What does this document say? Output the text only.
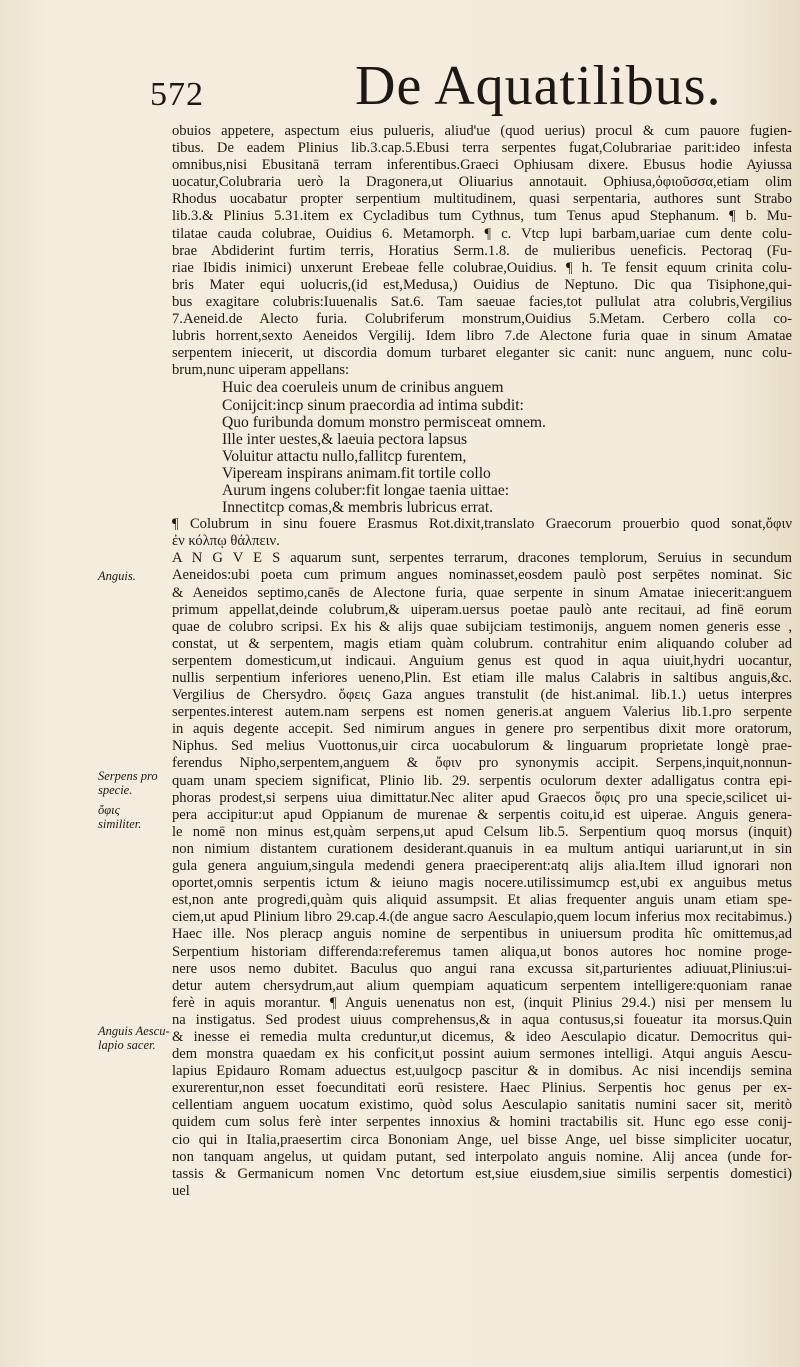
572	De Aquatilibus.
obuios appetere, aspectum eius pulueris, aliud'ue (quod uerius) procul & cum pauore fugien-
tibus. De eadem Plinius lib.3.cap.5.Ebusi terra serpentes fugat,Colubrariae parit:ideo infesta
omnibus,nisi Ebusitanā terram inferentibus.Graeci Ophiusam dixere. Ebusus hodie Ayiussa
uocatur,Colubraria uerò la Dragonera,ut Oliuarius annotauit. Ophiusa,ὀφιοῦσσα,etiam olim
Rhodus uocabatur propter serpentium multitudinem, quasi serpentaria, authores sunt Strabo
lib.3.& Plinius 5.31.item ex Cycladibus tum Cythnus, tum Tenus apud Stephanum. ¶ b. Mu-
tilatae cauda colubrae, Ouidius 6. Metamorph. ¶ c. Vtcp lupi barbam,uariae cum dente colu-
brae Abdiderint furtim terris, Horatius Serm.1.8. de mulieribus ueneficis. Pectoraq (Fu-
riae Ibidis inimici) unxerunt Erebeae felle colubrae,Ouidius. ¶ h. Te fensit equum crinita colu-
bris Mater equi uolucris,(id est,Medusa,) Ouidius de Neptuno. Dic qua Tisiphone,qui-
bus exagitare colubris:Iuuenalis Sat.6. Tam saeuae facies,tot pullulat atra colubris,Vergilius
7.Aeneid.de Alecto furia. Colubriferum monstrum,Ouidius 5.Metam. Cerbero colla co-
lubris horrent,sexto Aeneidos Vergilij. Idem libro 7.de Alectone furia quae in sinum Amatae
serpentem iniecerit, ut discordia domum turbaret eleganter sic canit: nunc anguem, nunc colu-
brum,nunc uiperam appellans:
Huic dea coeruleis unum de crinibus anguem
Conijcit:incp sinum praecordia ad intima subdit:
Quo furibunda domum monstro permisceat omnem.
Ille inter uestes,& laeuia pectora lapsus
Voluitur attactu nullo,fallitcp furentem,
Vipeream inspirans animam.fit tortile collo
Aurum ingens coluber:fit longae taenia uittae:
Innectitcp comas,& membris lubricus errat.
¶ Colubrum in sinu fouere Erasmus Rot.dixit,translato Graecorum prouerbio quod sonat,ὄφιν
ἐν κόλπῳ θάλπειν.
A N G V E S aquarum sunt, serpentes terrarum, dracones templorum, Seruius in secundum
Aeneidos:ubi poeta cum primum angues nominasset,eosdem paulò post serpētes nominat. Sic
& Aeneidos septimo,canēs de Alectone furia, quae serpente in sinum Amatae iniecerit:anguem
primum appellat,deinde colubrum,& uiperam.uersus poetae paulò ante recitaui, ad finē eorum
quae de colubro scripsi. Ex his & alijs quae subijciam testimonijs, anguem nomen generis esse ,
constat, ut & serpentem, magis etiam quàm colubrum. contrahitur enim aliquando coluber ad
serpentem domesticum,ut indicaui. Anguium genus est quod in aqua uiuit,hydri uocantur,
nullis serpentium inferiores ueneno,Plin. Est etiam ille malus Calabris in saltibus anguis,&c.
Vergilius de Chersydro. ὄφεις Gaza angues transtulit (de hist.animal. lib.1.) uetus interpres
serpentes.interest autem.nam serpens est nomen generis.at anguem Valerius lib.1.pro serpente
in aquis degente accepit. Sed nimirum angues in genere pro serpentibus dixit more oratorum,
Niphus. Sed melius Vuottonus,uir circa uocabulorum & linguarum proprietate longè prae-
ferendus Nipho,serpentem,anguem & ὄφιν pro synonymis accipit. Serpens,inquit,nonnun-
quam unam speciem significat, Plinio lib. 29. serpentis oculorum dexter adalligatus contra epi-
phoras prodest,si serpens uiua dimittatur.Nec aliter apud Graecos ὄφις pro una specie,scilicet ui-
pera accipitur:ut apud Oppianum de murenae & serpentis coitu,id est uiperae. Anguis genera-
le nomē non minus est,quàm serpens,ut apud Celsum lib.5. Serpentium quoq morsus (inquit)
non nimium distantem curationem desiderant.quanuis in ea multum antiqui uariarunt,ut in sin
gula genera anguium,singula medendi genera praeciperent:atq alijs alia.Item illud ignorari non
oportet,omnis serpentis ictum & ieiuno magis nocere.utilissimumcp est,ubi ex anguibus metus
est,non ante progredi,quàm quis aliquid assumpsit. Et alias frequenter anguis unam etiam spe-
ciem,ut apud Plinium libro 29.cap.4.(de angue sacro Aesculapio,quem locum inferius mox recitabimus.)
Haec ille. Nos pleracp anguis nomine de serpentibus in uniuersum prodita hîc omittemus,ad
Serpentium historiam differenda:referemus tamen aliqua,ut bonos autores hoc nomine proge-
nere usos nemo dubitet. Baculus quo angui rana excussa sit,parturientes adiuuat,Plinius:ui-
detur autem chersydrum,aut alium quempiam aquaticum serpentem intelligere:quoniam ranae
ferè in aquis morantur. ¶ Anguis uenenatus non est, (inquit Plinius 29.4.) nisi per mensem lu
na instigatus. Sed prodest uiuus comprehensus,& in aqua contusus,si foueatur ita morsus.Quin
& inesse ei remedia multa creduntur,ut dicemus, & ideo Aesculapio dicatur. Democritus qui-
dem monstra quaedam ex his conficit,ut possint auium sermones intelligi. Atqui anguis Aescu-
lapius Epidauro Romam aduectus est,uulgocp pascitur & in domibus. Ac nisi incendijs semina
exurerentur,non esset foecunditati eorū resistere. Haec Plinius. Serpentis hoc genus per ex-
cellentiam anguem uocatum existimo, quòd solus Aesculapio sanitatis numini sacer sit, meritò
quidem cum solus ferè inter serpentes innoxius & homini tractabilis sit. Hunc ego esse conij-
cio qui in Italia,praesertim circa Bononiam Ange, uel bisse Ange, uel bisse simpliciter uocatur,
non tanquam angelus, ut quidam putant, sed interpolato anguis nomine. Alij ancea (unde for-
tassis & Germanicum nomen Vnc detortum est,siue eiusdem,siue similis serpentis domestici)
uel
Anguis.
Serpens pro
specie.
ὄφις
similiter.
Anguis Aescu-
lapio sacer.
